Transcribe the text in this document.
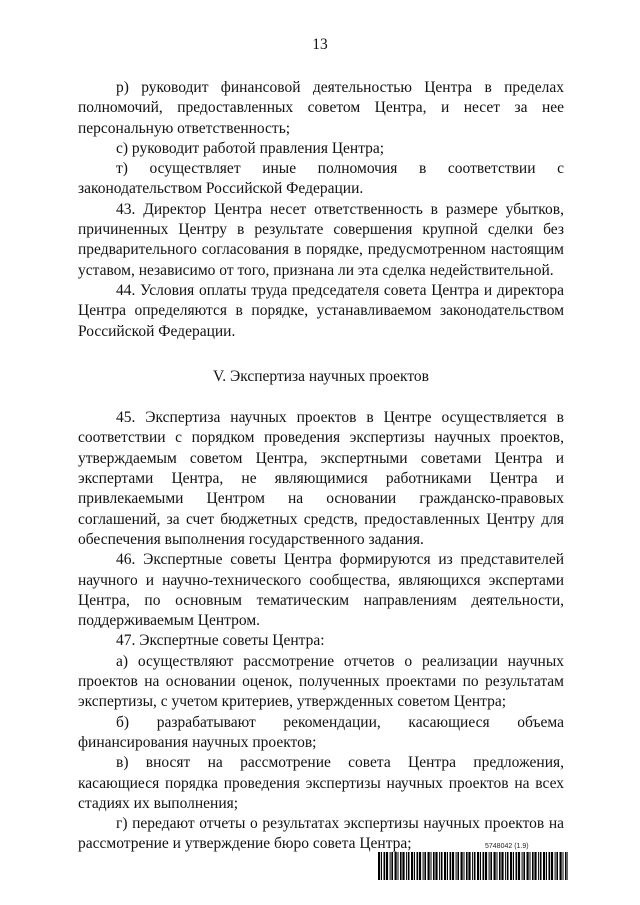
13

р) руководит финансовой деятельностью Центра в пределах полномочий, предоставленных советом Центра, и несет за нее персональную ответственность;

с) руководит работой правления Центра;

т) осуществляет иные полномочия в соответствии с законодательством Российской Федерации.

43. Директор Центра несет ответственность в размере убытков, причиненных Центру в результате совершения крупной сделки без предварительного согласования в порядке, предусмотренном настоящим уставом, независимо от того, признана ли эта сделка недействительной.

44. Условия оплаты труда председателя совета Центра и директора Центра определяются в порядке, устанавливаемом законодательством Российской Федерации.

V. Экспертиза научных проектов

45. Экспертиза научных проектов в Центре осуществляется в соответствии с порядком проведения экспертизы научных проектов, утверждаемым советом Центра, экспертными советами Центра и экспертами Центра, не являющимися работниками Центра и привлекаемыми Центром на основании гражданско-правовых соглашений, за счет бюджетных средств, предоставленных Центру для обеспечения выполнения государственного задания.

46. Экспертные советы Центра формируются из представителей научного и научно-технического сообщества, являющихся экспертами Центра, по основным тематическим направлениям деятельности, поддерживаемым Центром.

47. Экспертные советы Центра:

а) осуществляют рассмотрение отчетов о реализации научных проектов на основании оценок, полученных проектами по результатам экспертизы, с учетом критериев, утвержденных советом Центра;

б) разрабатывают рекомендации, касающиеся объема финансирования научных проектов;

в) вносят на рассмотрение совета Центра предложения, касающиеся порядка проведения экспертизы научных проектов на всех стадиях их выполнения;

г) передают отчеты о результатах экспертизы научных проектов на рассмотрение и утверждение бюро совета Центра;	5748042 (1.9)
